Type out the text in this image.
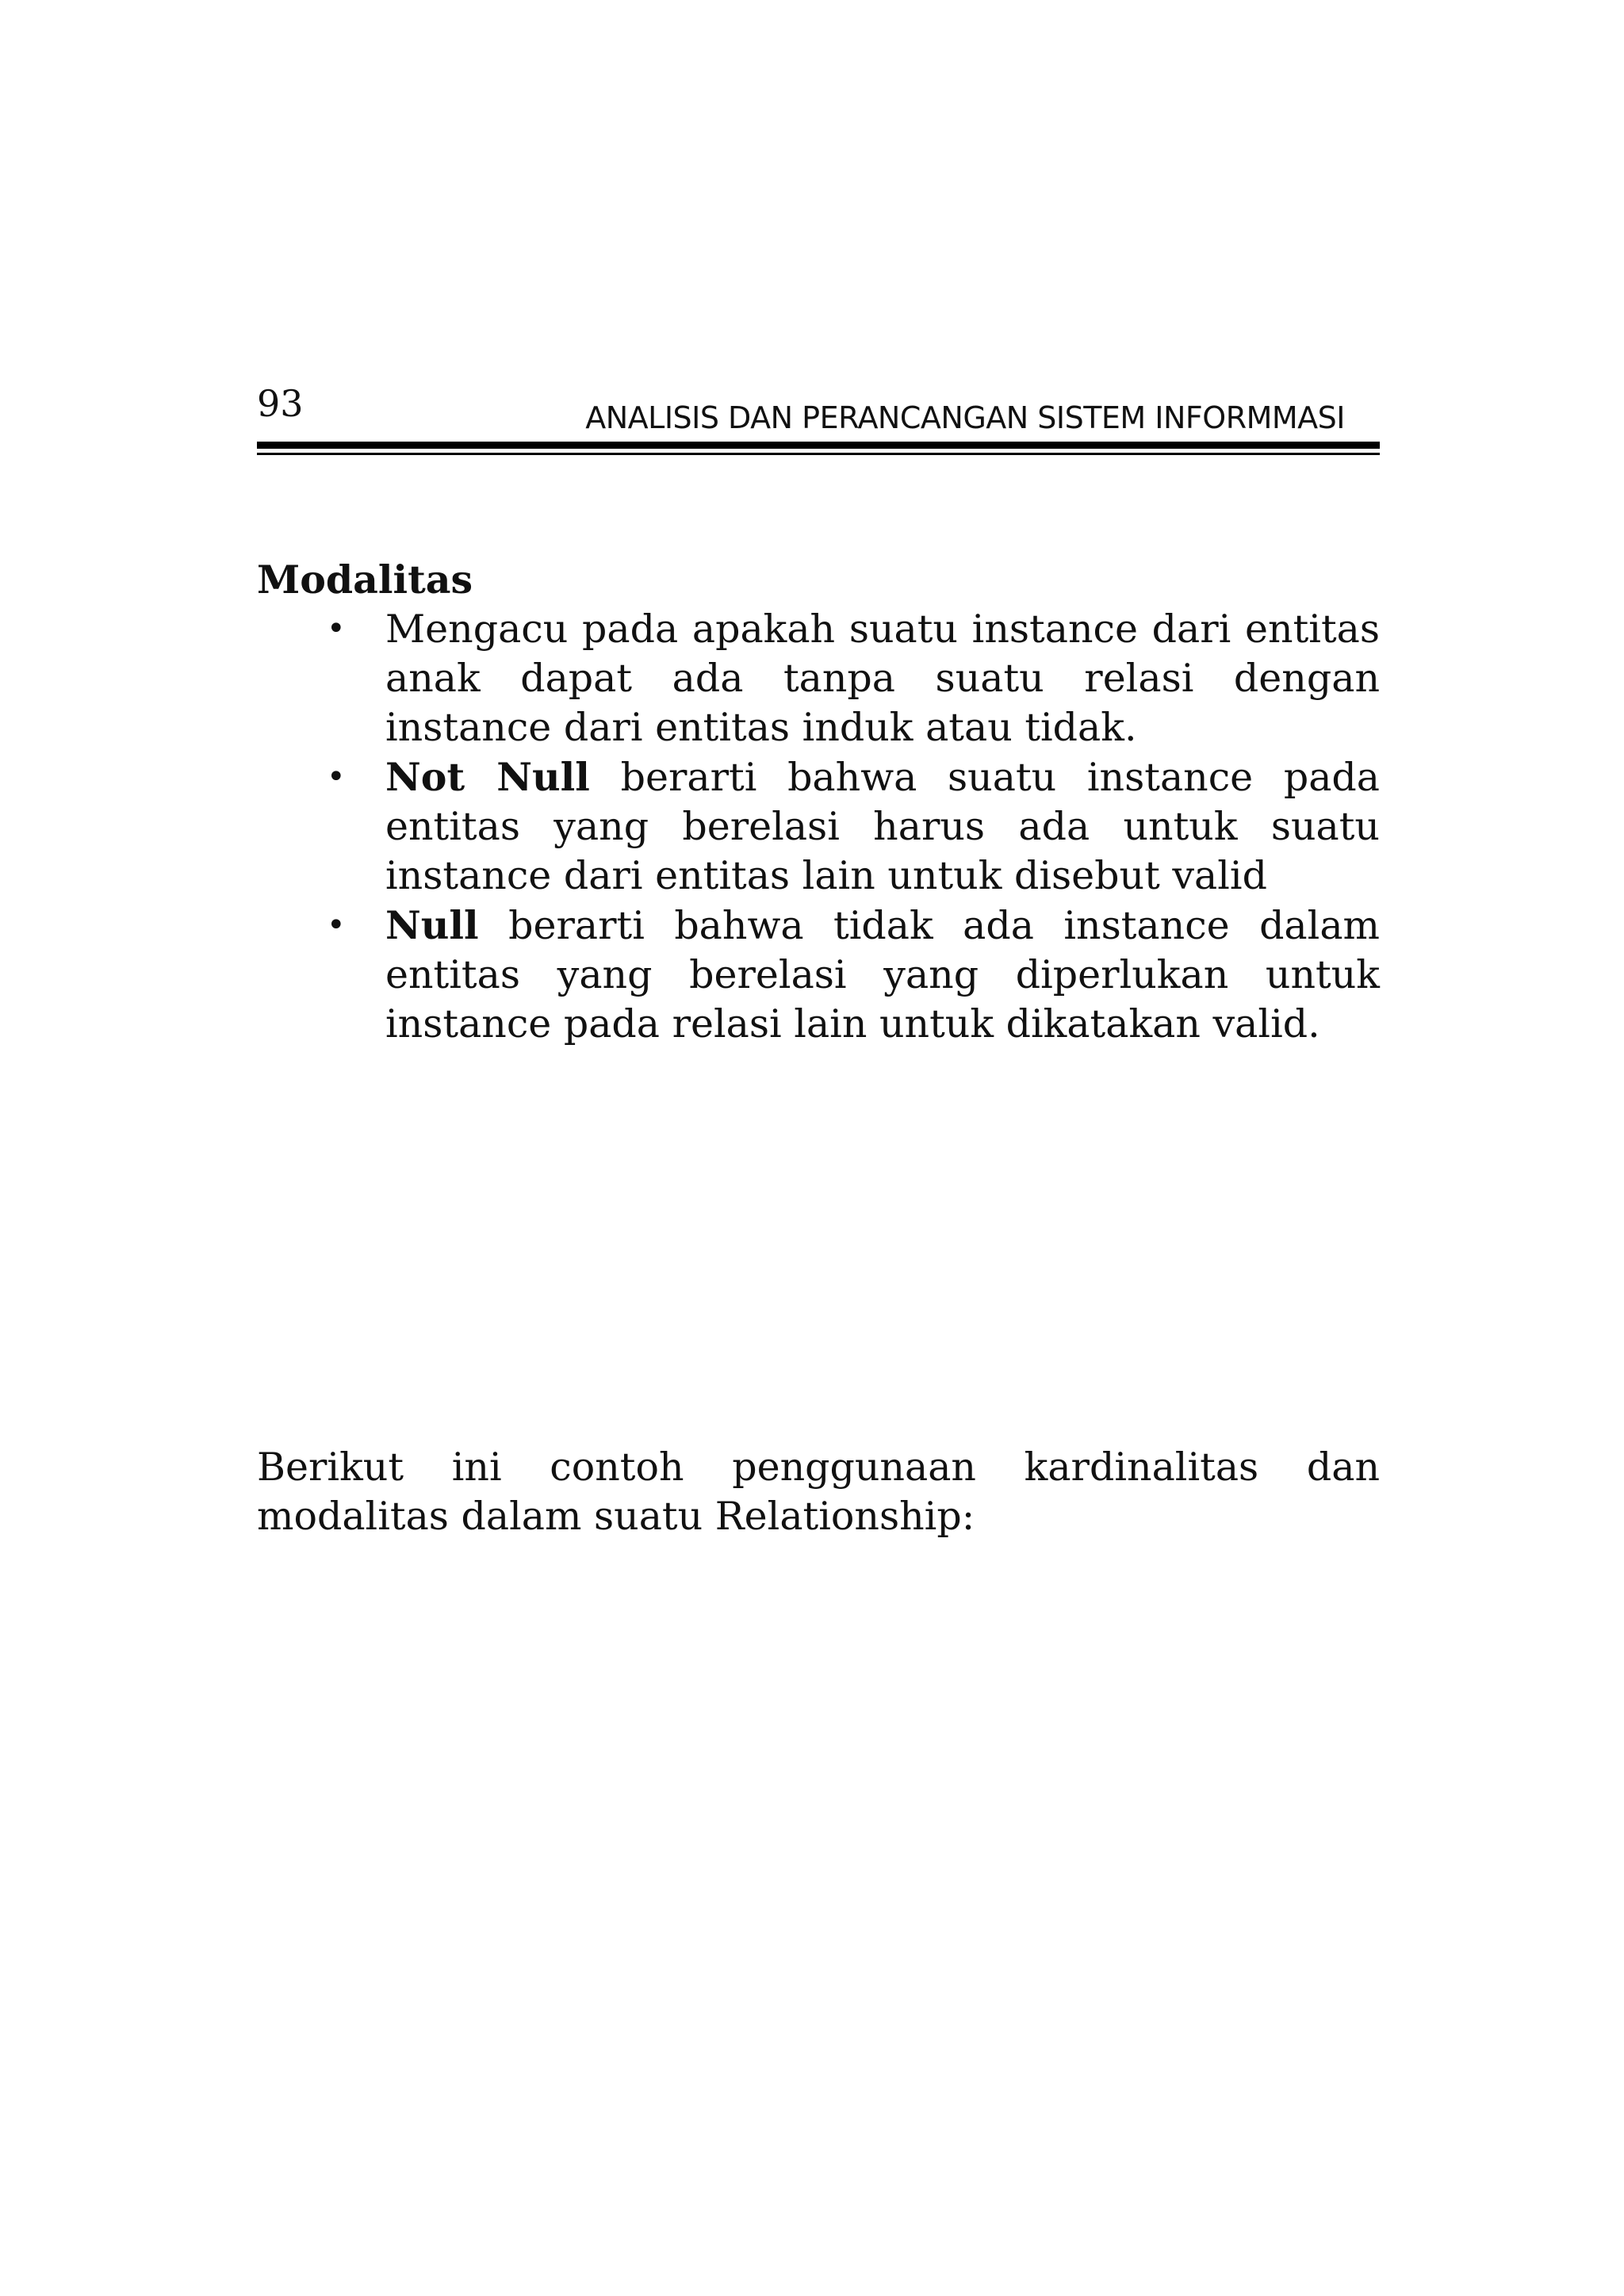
93	ANALISIS DAN PERANCANGAN SISTEM INFORMMASI

Modalitas

• Mengacu pada apakah suatu instance dari entitas anak dapat ada tanpa suatu relasi dengan instance dari entitas induk atau tidak.
• Not Null berarti bahwa suatu instance pada entitas yang berelasi harus ada untuk suatu instance dari entitas lain untuk disebut valid
• Null berarti bahwa tidak ada instance dalam entitas yang berelasi yang diperlukan untuk instance pada relasi lain untuk dikatakan valid.

Berikut ini contoh penggunaan kardinalitas dan modalitas dalam suatu Relationship:
